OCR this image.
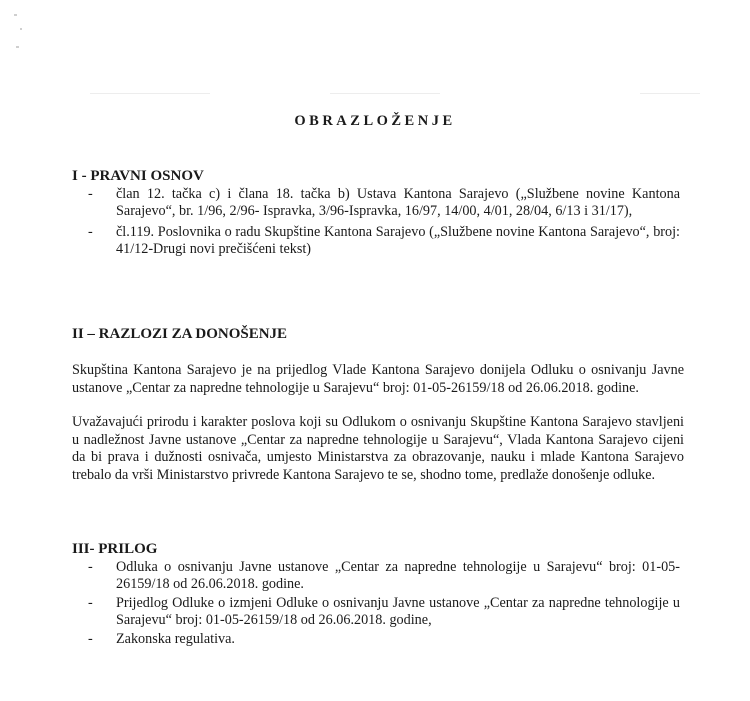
OBRAZLOŽENJE
I - PRAVNI OSNOV
- član 12. tačka c) i člana 18. tačka b) Ustava Kantona Sarajevo („Službene novine Kantona Sarajevo“, br. 1/96, 2/96- Ispravka, 3/96-Ispravka, 16/97, 14/00, 4/01, 28/04, 6/13 i 31/17),
- čl.119. Poslovnika o radu Skupštine Kantona Sarajevo („Službene novine Kantona Sarajevo“, broj: 41/12-Drugi novi prečišćeni tekst)
II – RAZLOZI ZA DONOŠENJE

Skupština Kantona Sarajevo je na prijedlog Vlade Kantona Sarajevo donijela Odluku o osnivanju Javne ustanove „Centar za napredne tehnologije u Sarajevu“ broj: 01-05-26159/18 od 26.06.2018. godine.

Uvažavajući prirodu i karakter poslova koji su Odlukom o osnivanju Skupštine Kantona Sarajevo stavljeni u nadležnost Javne ustanove „Centar za napredne tehnologije u Sarajevu“, Vlada Kantona Sarajevo cijeni da bi prava i dužnosti osnivača, umjesto Ministarstva za obrazovanje, nauku i mlade Kantona Sarajevo trebalo da vrši Ministarstvo privrede Kantona Sarajevo te se, shodno tome, predlaže donošenje odluke.

III- PRILOG
- Odluka o osnivanju Javne ustanove „Centar za napredne tehnologije u Sarajevu“ broj: 01-05-26159/18 od 26.06.2018. godine.
- Prijedlog Odluke o izmjeni Odluke o osnivanju Javne ustanove „Centar za napredne tehnologije u Sarajevu“ broj: 01-05-26159/18 od 26.06.2018. godine,
- Zakonska regulativa.
